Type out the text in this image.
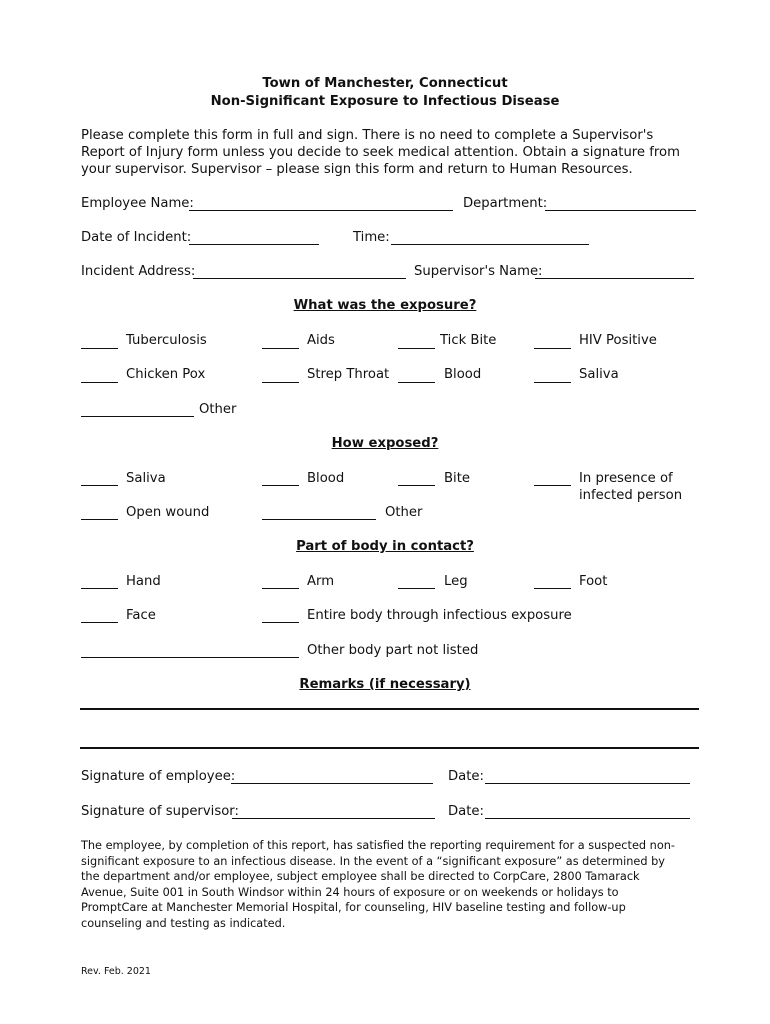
Town of Manchester, Connecticut
Non-Significant Exposure to Infectious Disease
Please complete this form in full and sign. There is no need to complete a Supervisor's Report of Injury form unless you decide to seek medical attention. Obtain a signature from your supervisor. Supervisor – please sign this form and return to Human Resources.
Employee Name:	Department:
Date of Incident:	Time:
Incident Address:	Supervisor's Name:
What was the exposure?
Tuberculosis	Aids	Tick Bite	HIV Positive
Chicken Pox	Strep Throat	Blood	Saliva
Other
How exposed?
Saliva	Blood	Bite	In presence of
infected person
Open wound	Other
Part of body in contact?
Hand	Arm	Leg	Foot
Face	Entire body through infectious exposure
Other body part not listed
Remarks (if necessary)
Signature of employee:	Date:
Signature of supervisor:	Date:
The employee, by completion of this report, has satisfied the reporting requirement for a suspected non-significant exposure to an infectious disease. In the event of a “significant exposure” as determined by the department and/or employee, subject employee shall be directed to CorpCare, 2800 Tamarack Avenue, Suite 001 in South Windsor within 24 hours of exposure or on weekends or holidays to PromptCare at Manchester Memorial Hospital, for counseling, HIV baseline testing and follow-up counseling and testing as indicated.
Rev. Feb. 2021
